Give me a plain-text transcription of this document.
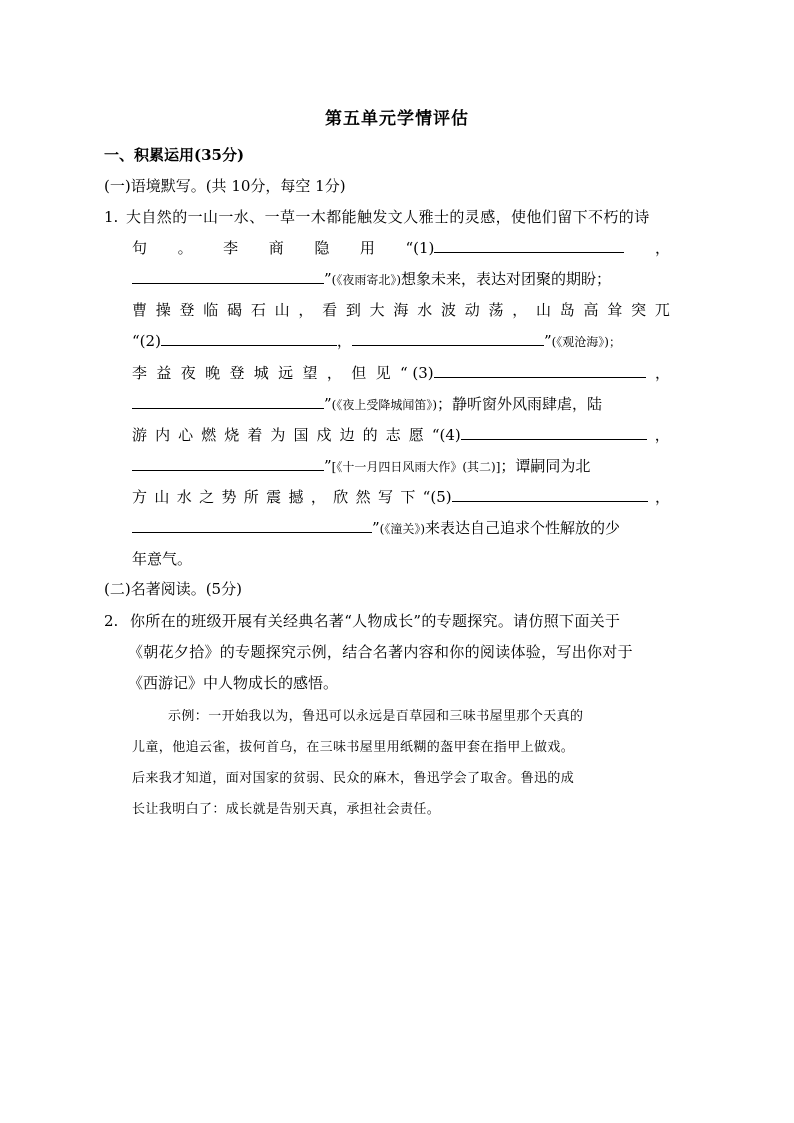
第五单元学情评估
一、积累运用(35分)
(一)语境默写。(共 10分，每空 1分)
1. 大自然的一山一水、一草一木都能触发文人雅士的灵感，使他们留下不朽的诗
句 。 李 商 隐 用 “(1)	，
”(《夜雨寄北》)想象未来，表达对团聚的期盼；
曹 操 登 临 碣 石 山 ， 看 到 大 海 水 波 动 荡 ， 山 岛 高 耸 突 兀
“(2)	，	”(《观沧海》)；
李 益 夜 晚 登 城 远 望 ， 但 见 “ (3)	，
”(《夜上受降城闻笛》)；静听窗外风雨肆虐，陆
游 内 心 燃 烧 着 为 国 戍 边 的 志 愿 “(4)	，
”[《十一月四日风雨大作》(其二)]；谭嗣同为北
方 山 水 之 势 所 震 撼 ， 欣 然 写 下 “(5)	，
”(《潼关》)来表达自己追求个性解放的少
年意气。
(二)名著阅读。(5分)
2. 你所在的班级开展有关经典名著“人物成长”的专题探究。请仿照下面关于
《朝花夕拾》的专题探究示例，结合名著内容和你的阅读体验，写出你对于
《西游记》中人物成长的感悟。
示例：一开始我以为，鲁迅可以永远是百草园和三味书屋里那个天真的
儿童，他追云雀，拔何首乌，在三味书屋里用纸糊的盔甲套在指甲上做戏。
后来我才知道，面对国家的贫弱、民众的麻木，鲁迅学会了取舍。鲁迅的成
长让我明白了：成长就是告别天真，承担社会责任。
